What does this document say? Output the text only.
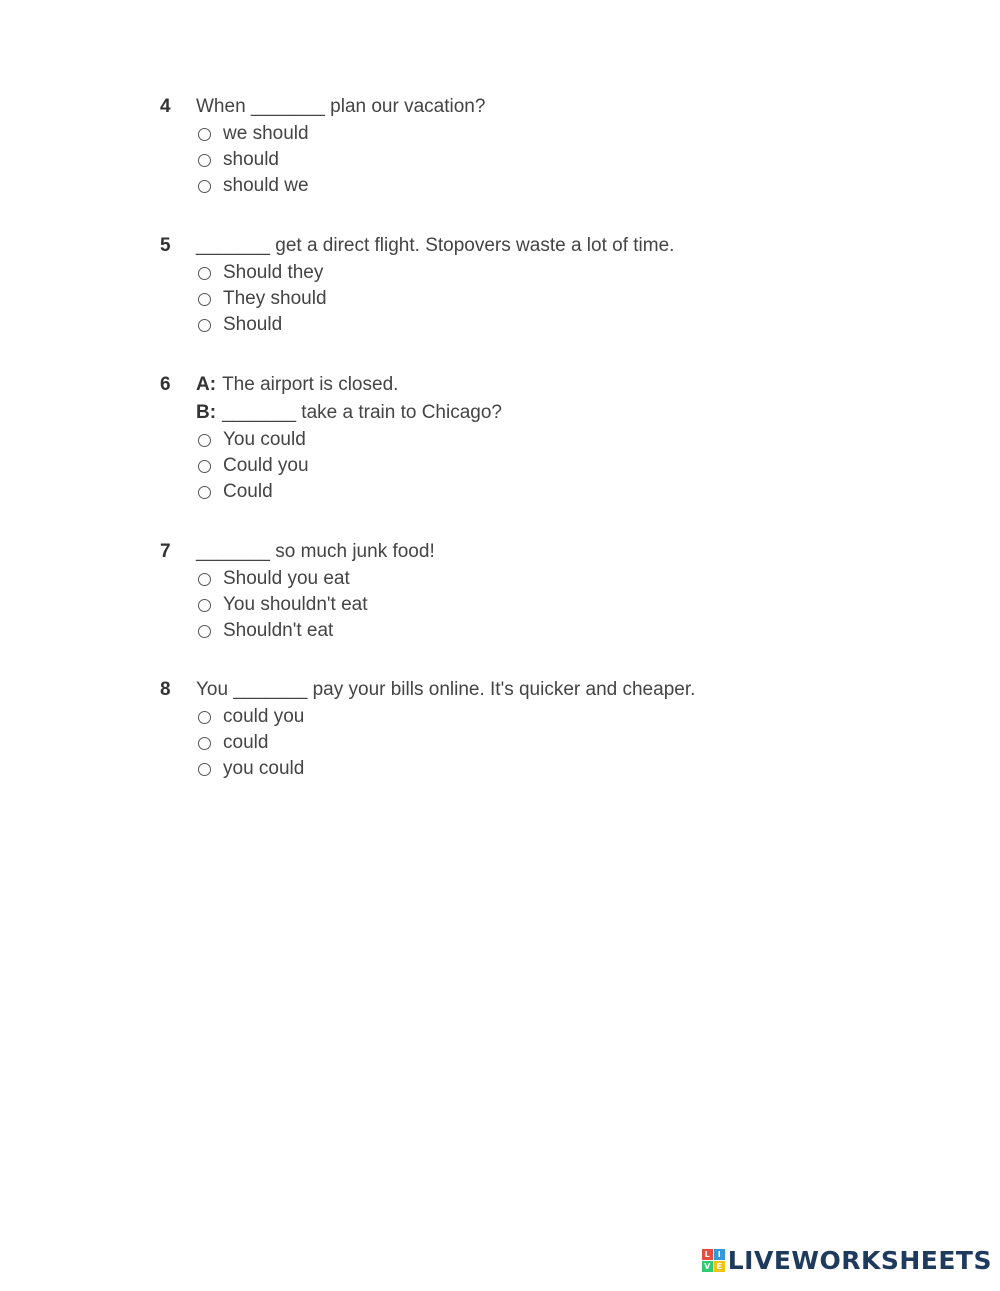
4	When _______ plan our vacation?
we should
should
should we
5	_______ get a direct flight. Stopovers waste a lot of time.
Should they
They should
Should
6	A: The airport is closed.
B: _______ take a train to Chicago?
You could
Could you
Could
7	_______ so much junk food!
Should you eat
You shouldn't eat
Shouldn't eat
8	You _______ pay your bills online. It's quicker and cheaper.
could you
could
you could
L I
V E LIVEWORKSHEETS
